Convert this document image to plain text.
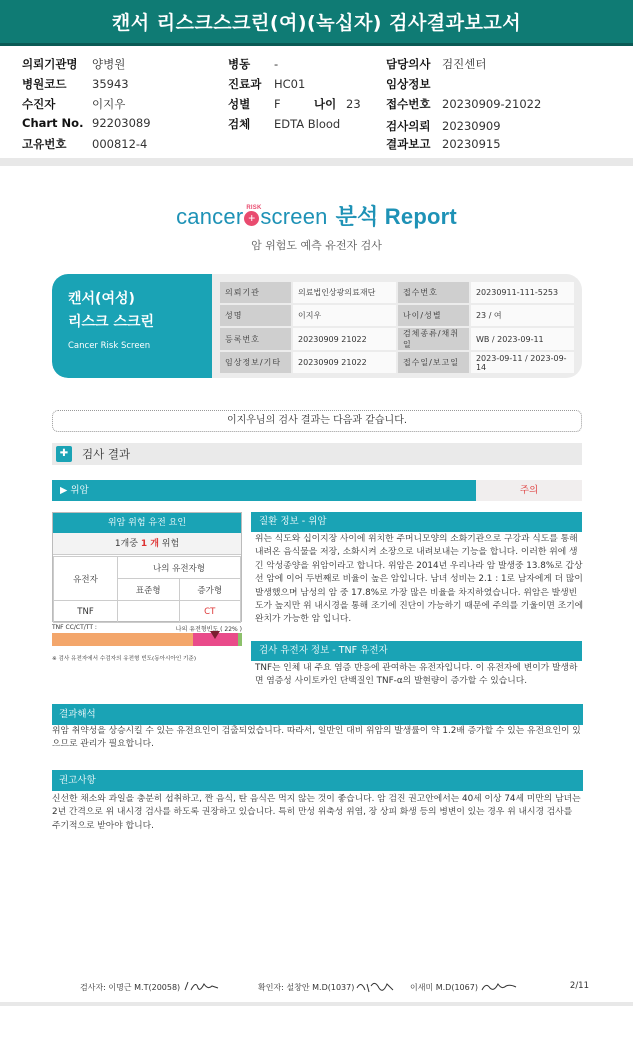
캔서 리스크스크린(여)(녹십자) 검사결과보고서
의뢰기관명 양병원
병원코드 35943
수진자	이지우
Chart No. 92203089
고유번호 000812-4
병동 -
진료과 HC01
성별 F	나이 23
검체 EDTA Blood
담당의사 검진센터
임상정보
접수번호 20230909-21022
검사의뢰 20230909
결과보고 20230915
cancer +
RISK
screen 분석 Report
암 위험도 예측 유전자 검사
캔서(여성)
리스크 스크린
Cancer Risk Screen
의뢰기관	의료법인상광의료재단	접수번호	20230911-111-5253
성명	이지우	나이/성별	23 / 여
등록번호	20230909 21022	검체종류/채취일	WB / 2023-09-11
임상정보/기타	20230909 21022	접수일/보고일	2023-09-11 / 2023-09-14
이지우님의 검사 결과는 다음과 같습니다.
✚	검사 결과
▶ 위암	주의
위암 위험 유전 요인
1개중 1 개 위험
유전자	나의 유전자형	
	표준형	증가형
TNF		CT
TNF CC/CT/TT :	나의 유전형빈도 ( 22% )
※ 검사 유전자에서 수검자의 유전형 빈도(동아시아인 기준)
질환 정보 - 위암
위는 식도와 십이지장 사이에 위치한 주머니모양의 소화기관으로 구강과 식도를 통해 내려온 음식물을 저장, 소화시켜 소장으로 내려보내는 기능을 합니다. 이러한 위에 생긴 악성종양을 위암이라고 합니다. 위암은 2014년 우리나라 암 발생중 13.8%로 갑상선 암에 이어 두번째로 비율이 높은 암입니다. 남녀 성비는 2.1 : 1로 남자에게 더 많이 발생했으며 남성의 암 중 17.8%로 가장 많은 비율을 차지하였습니다. 위암은 발생빈도가 높지만 위 내시경을 통해 조기에 진단이 가능하기 때문에 주의를 기울이면 조기에 완치가 가능한 암 입니다.
검사 유전자 정보 - TNF 유전자
TNF는 인체 내 주요 염증 반응에 관여하는 유전자입니다. 이 유전자에 변이가 발생하면 염증성 사이토카인 단백질인 TNF-α의 발현량이 증가할 수 있습니다.
결과해석
위암 취약성을 상승시킬 수 있는 유전요인이 검출되었습니다. 따라서, 일반인 대비 위암의 발생률이 약 1.2배 증가할 수 있는 유전요인이 있으므로 관리가 필요합니다.
권고사항
신선한 채소와 과일을 충분히 섭취하고, 짠 음식, 탄 음식은 먹지 않는 것이 좋습니다. 암 검진 권고안에서는 40세 이상 74세 미만의 남녀는 2년 간격으로 위 내시경 검사를 하도록 권장하고 있습니다. 특히 만성 위축성 위염, 장 상피 화생 등의 병변이 있는 경우 위 내시경 검사를 주기적으로 받아야 합니다.
검사자: 이명근 M.T(20058)	확인자: 설창안 M.D(1037)	이새미 M.D(1067)	2/11
